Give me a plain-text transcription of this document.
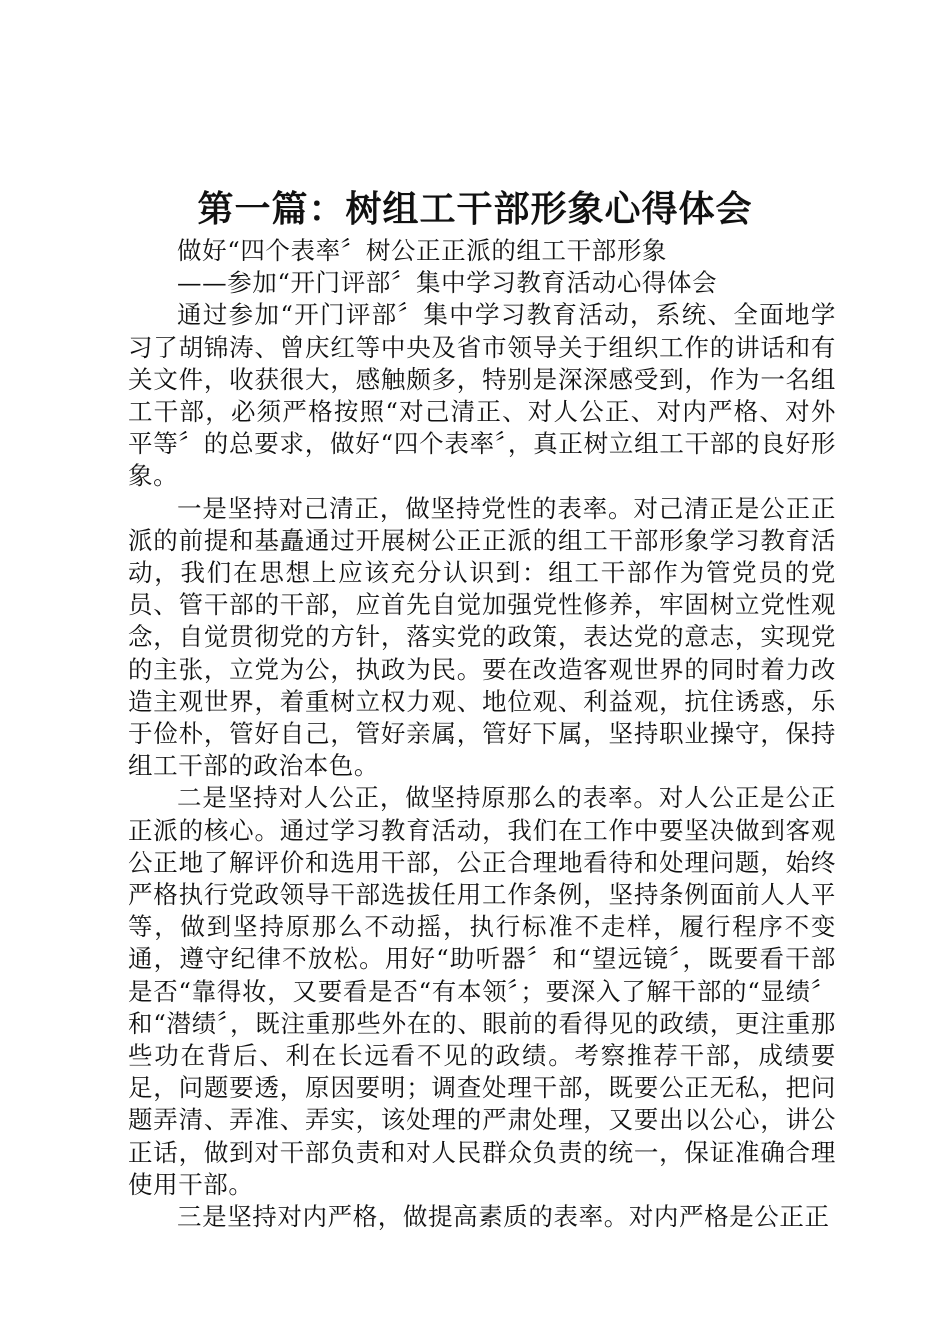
第一篇：树组工干部形象心得体会

做好“四个表率〞树公正正派的组工干部形象

——参加“开门评部〞集中学习教育活动心得体会

通过参加“开门评部〞集中学习教育活动，系统、全面地学习了胡锦涛、曾庆红等中央及省市领导关于组织工作的讲话和有关文件，收获很大，感触颇多，特别是深深感受到，作为一名组工干部，必须严格按照“对己清正、对人公正、对内严格、对外平等〞的总要求，做好“四个表率〞，真正树立组工干部的良好形象。

一是坚持对己清正，做坚持党性的表率。对己清正是公正正派的前提和基矗通过开展树公正正派的组工干部形象学习教育活动，我们在思想上应该充分认识到：组工干部作为管党员的党员、管干部的干部，应首先自觉加强党性修养，牢固树立党性观念，自觉贯彻党的方针，落实党的政策，表达党的意志，实现党的主张，立党为公，执政为民。要在改造客观世界的同时着力改造主观世界，着重树立权力观、地位观、利益观，抗住诱惑，乐于俭朴，管好自己，管好亲属，管好下属，坚持职业操守，保持组工干部的政治本色。

二是坚持对人公正，做坚持原那么的表率。对人公正是公正正派的核心。通过学习教育活动，我们在工作中要坚决做到客观公正地了解评价和选用干部，公正合理地看待和处理问题，始终严格执行党政领导干部选拔任用工作条例，坚持条例面前人人平等，做到坚持原那么不动摇，执行标准不走样，履行程序不变通，遵守纪律不放松。用好“助听器〞和“望远镜〞，既要看干部是否“靠得妆，又要看是否“有本领〞；要深入了解干部的“显绩〞和“潜绩〞，既注重那些外在的、眼前的看得见的政绩，更注重那些功在背后、利在长远看不见的政绩。考察推荐干部，成绩要足，问题要透，原因要明；调查处理干部，既要公正无私，把问题弄清、弄准、弄实，该处理的严肃处理，又要出以公心，讲公正话，做到对干部负责和对人民群众负责的统一，保证准确合理使用干部。

三是坚持对内严格，做提高素质的表率。对内严格是公正正
